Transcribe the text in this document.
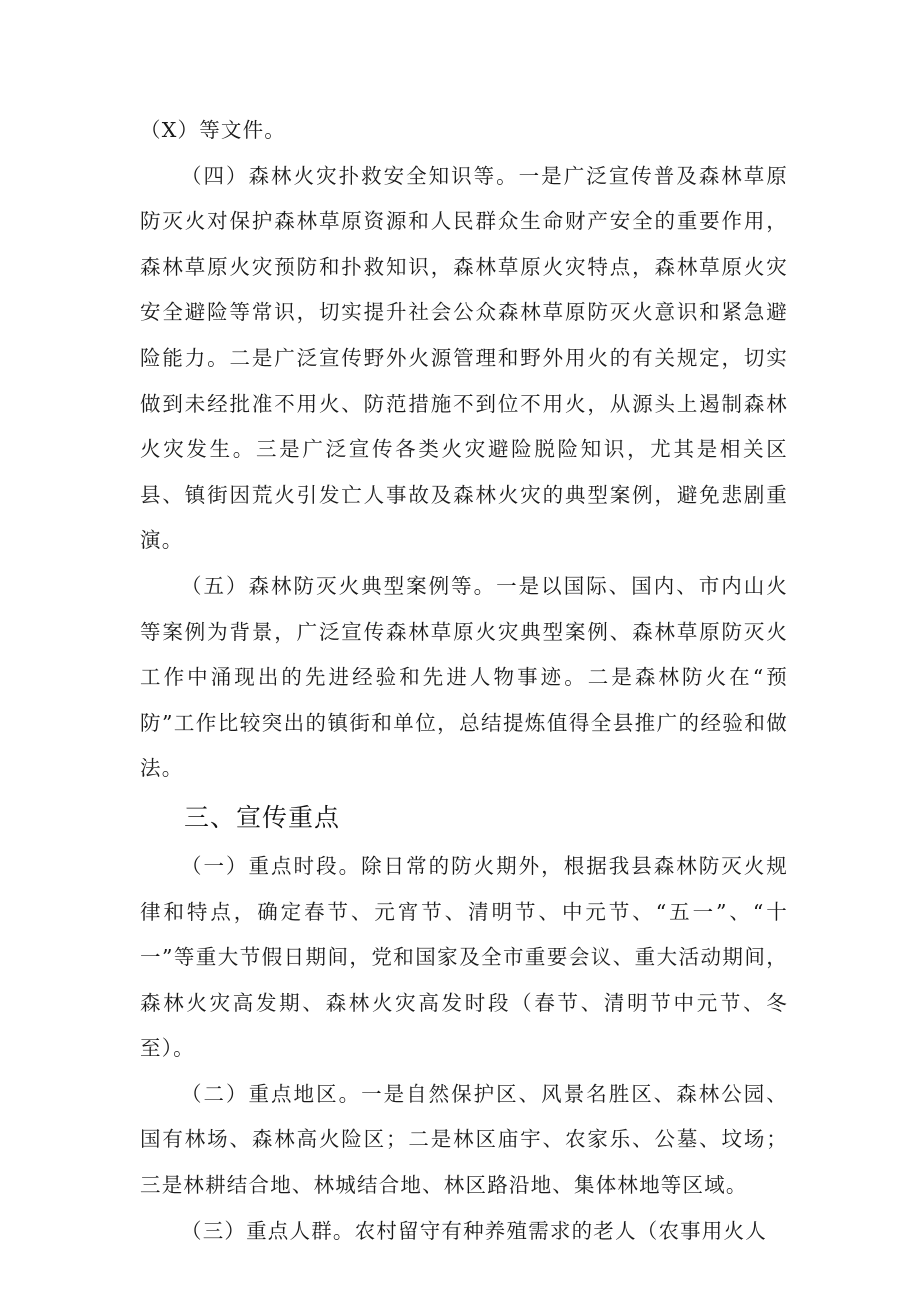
（X）等文件。

（四）森林火灾扑救安全知识等。一是广泛宣传普及森林草原防灭火对保护森林草原资源和人民群众生命财产安全的重要作用，森林草原火灾预防和扑救知识，森林草原火灾特点，森林草原火灾安全避险等常识，切实提升社会公众森林草原防灭火意识和紧急避险能力。二是广泛宣传野外火源管理和野外用火的有关规定，切实做到未经批准不用火、防范措施不到位不用火，从源头上遏制森林火灾发生。三是广泛宣传各类火灾避险脱险知识，尤其是相关区县、镇街因荒火引发亡人事故及森林火灾的典型案例，避免悲剧重演。

（五）森林防灭火典型案例等。一是以国际、国内、市内山火等案例为背景，广泛宣传森林草原火灾典型案例、森林草原防灭火工作中涌现出的先进经验和先进人物事迹。二是森林防火在“预防”工作比较突出的镇街和单位，总结提炼值得全县推广的经验和做法。

三、宣传重点

（一）重点时段。除日常的防火期外，根据我县森林防灭火规律和特点，确定春节、元宵节、清明节、中元节、“五一”、“十一”等重大节假日期间，党和国家及全市重要会议、重大活动期间，森林火灾高发期、森林火灾高发时段（春节、清明节中元节、冬至）。

（二）重点地区。一是自然保护区、风景名胜区、森林公园、国有林场、森林高火险区；二是林区庙宇、农家乐、公墓、坟场；三是林耕结合地、林城结合地、林区路沿地、集体林地等区域。

（三）重点人群。农村留守有种养殖需求的老人（农事用火人
